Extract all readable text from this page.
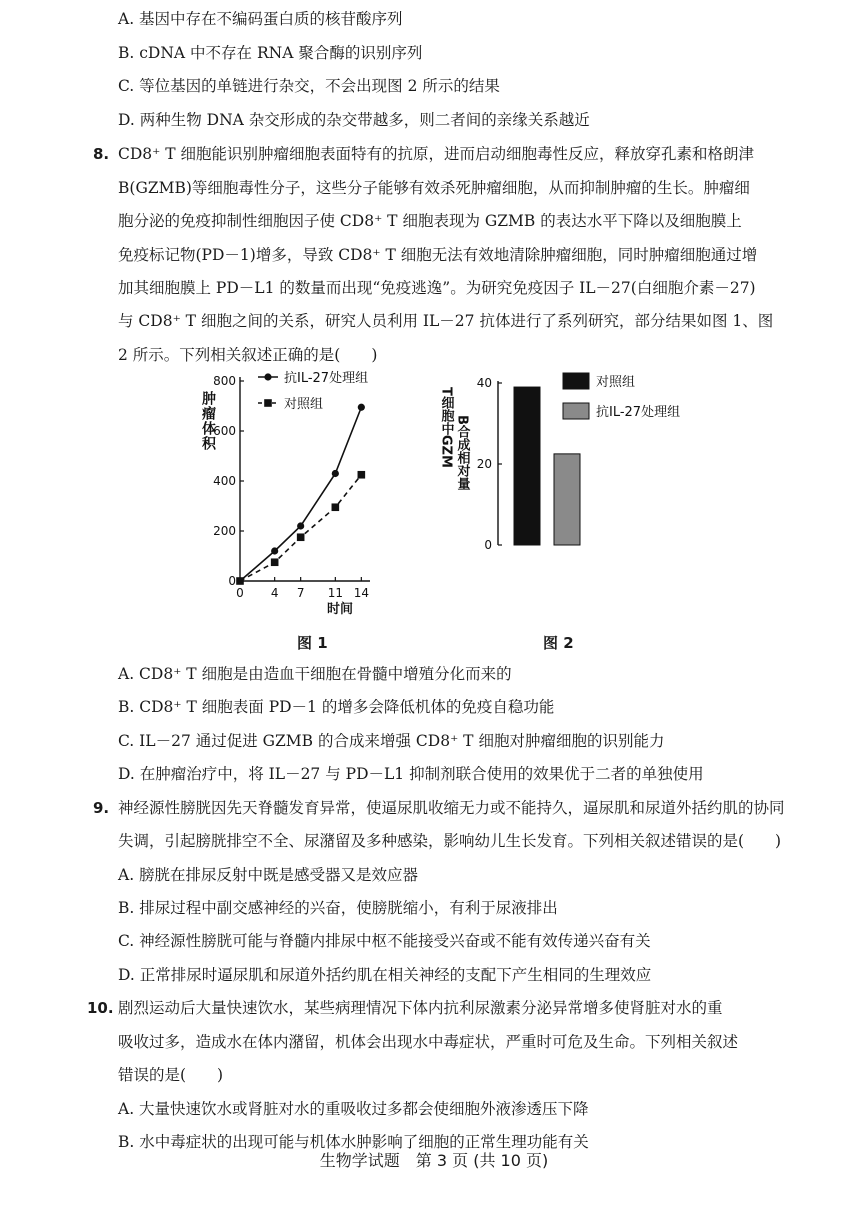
A. 基因中存在不编码蛋白质的核苷酸序列
B. cDNA 中不存在 RNA 聚合酶的识别序列
C. 等位基因的单链进行杂交，不会出现图 2 所示的结果
D. 两种生物 DNA 杂交形成的杂交带越多，则二者间的亲缘关系越近
8. CD8⁺ T 细胞能识别肿瘤细胞表面特有的抗原，进而启动细胞毒性反应，释放穿孔素和格朗津
B(GZMB)等细胞毒性分子，这些分子能够有效杀死肿瘤细胞，从而抑制肿瘤的生长。肿瘤细
胞分泌的免疫抑制性细胞因子使 CD8⁺ T 细胞表现为 GZMB 的表达水平下降以及细胞膜上
免疫标记物(PD－1)增多，导致 CD8⁺ T 细胞无法有效地清除肿瘤细胞，同时肿瘤细胞通过增
加其细胞膜上 PD－L1 的数量而出现“免疫逃逸”。为研究免疫因子 IL－27(白细胞介素－27)
与 CD8⁺ T 细胞之间的关系，研究人员利用 IL－27 抗体进行了系列研究，部分结果如图 1、图
2 所示。下列相关叙述正确的是(　　)
0
200
400
600
800
0 4 7 11 14
时间
肿瘤体积
抗IL-27处理组
对照组
图 1
0
20
40
T细胞中GZM B合成相对量
对照组
抗IL-27处理组
图 2
A. CD8⁺ T 细胞是由造血干细胞在骨髓中增殖分化而来的
B. CD8⁺ T 细胞表面 PD－1 的增多会降低机体的免疫自稳功能
C. IL－27 通过促进 GZMB 的合成来增强 CD8⁺ T 细胞对肿瘤细胞的识别能力
D. 在肿瘤治疗中，将 IL－27 与 PD－L1 抑制剂联合使用的效果优于二者的单独使用
9. 神经源性膀胱因先天脊髓发育异常，使逼尿肌收缩无力或不能持久，逼尿肌和尿道外括约肌的协同
失调，引起膀胱排空不全、尿潴留及多种感染，影响幼儿生长发育。下列相关叙述错误的是(　　)
A. 膀胱在排尿反射中既是感受器又是效应器
B. 排尿过程中副交感神经的兴奋，使膀胱缩小，有利于尿液排出
C. 神经源性膀胱可能与脊髓内排尿中枢不能接受兴奋或不能有效传递兴奋有关
D. 正常排尿时逼尿肌和尿道外括约肌在相关神经的支配下产生相同的生理效应
10. 剧烈运动后大量快速饮水，某些病理情况下体内抗利尿激素分泌异常增多使肾脏对水的重
吸收过多，造成水在体内潴留，机体会出现水中毒症状，严重时可危及生命。下列相关叙述
错误的是(　　)
A. 大量快速饮水或肾脏对水的重吸收过多都会使细胞外液渗透压下降
B. 水中毒症状的出现可能与机体水肿影响了细胞的正常生理功能有关
生物学试题　第 3 页 (共 10 页)
